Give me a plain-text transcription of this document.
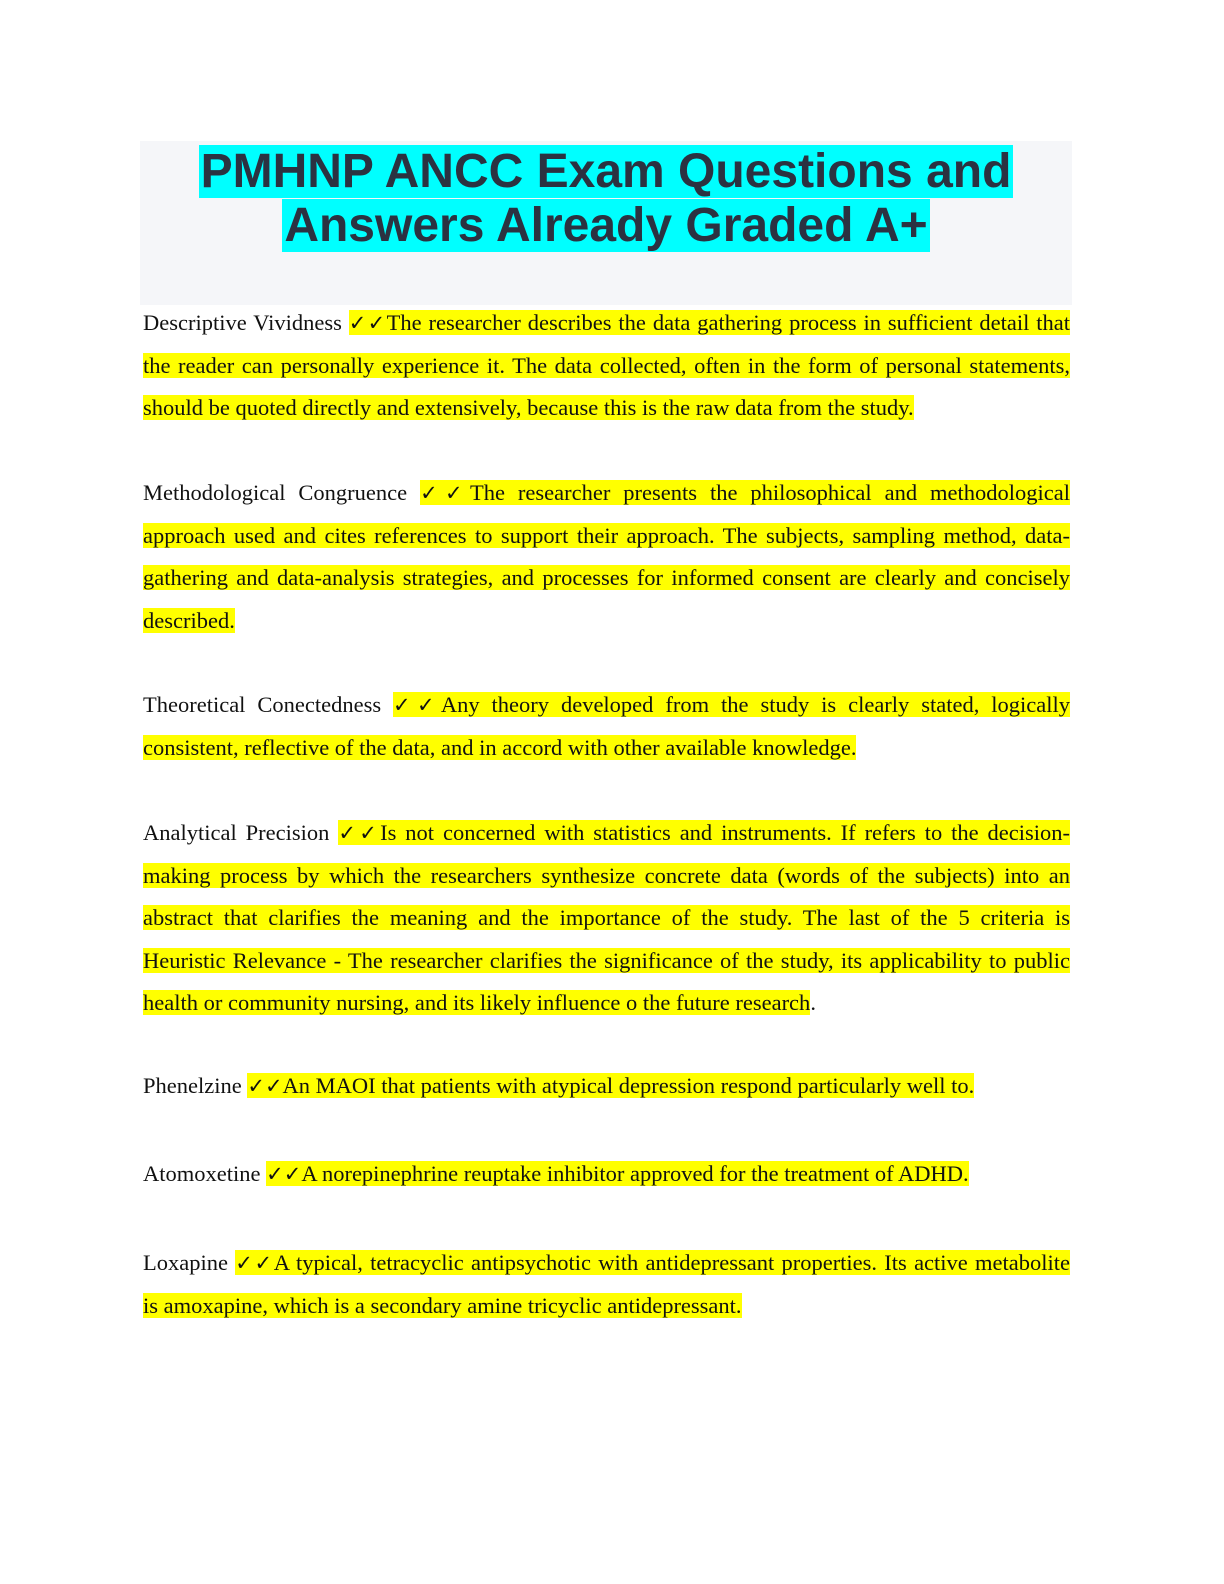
PMHNP ANCC Exam Questions and Answers Already Graded A+

Descriptive Vividness ✓✓The researcher describes the data gathering process in sufficient detail that the reader can personally experience it. The data collected, often in the form of personal statements, should be quoted directly and extensively, because this is the raw data from the study.

Methodological Congruence ✓✓The researcher presents the philosophical and methodological approach used and cites references to support their approach. The subjects, sampling method, data-gathering and data-analysis strategies, and processes for informed consent are clearly and concisely described.

Theoretical Conectedness ✓✓Any theory developed from the study is clearly stated, logically consistent, reflective of the data, and in accord with other available knowledge.

Analytical Precision ✓✓Is not concerned with statistics and instruments. If refers to the decision-making process by which the researchers synthesize concrete data (words of the subjects) into an abstract that clarifies the meaning and the importance of the study. The last of the 5 criteria is Heuristic Relevance - The researcher clarifies the significance of the study, its applicability to public health or community nursing, and its likely influence o the future research.

Phenelzine ✓✓An MAOI that patients with atypical depression respond particularly well to.

Atomoxetine ✓✓A norepinephrine reuptake inhibitor approved for the treatment of ADHD.

Loxapine ✓✓A typical, tetracyclic antipsychotic with antidepressant properties. Its active metabolite is amoxapine, which is a secondary amine tricyclic antidepressant.
